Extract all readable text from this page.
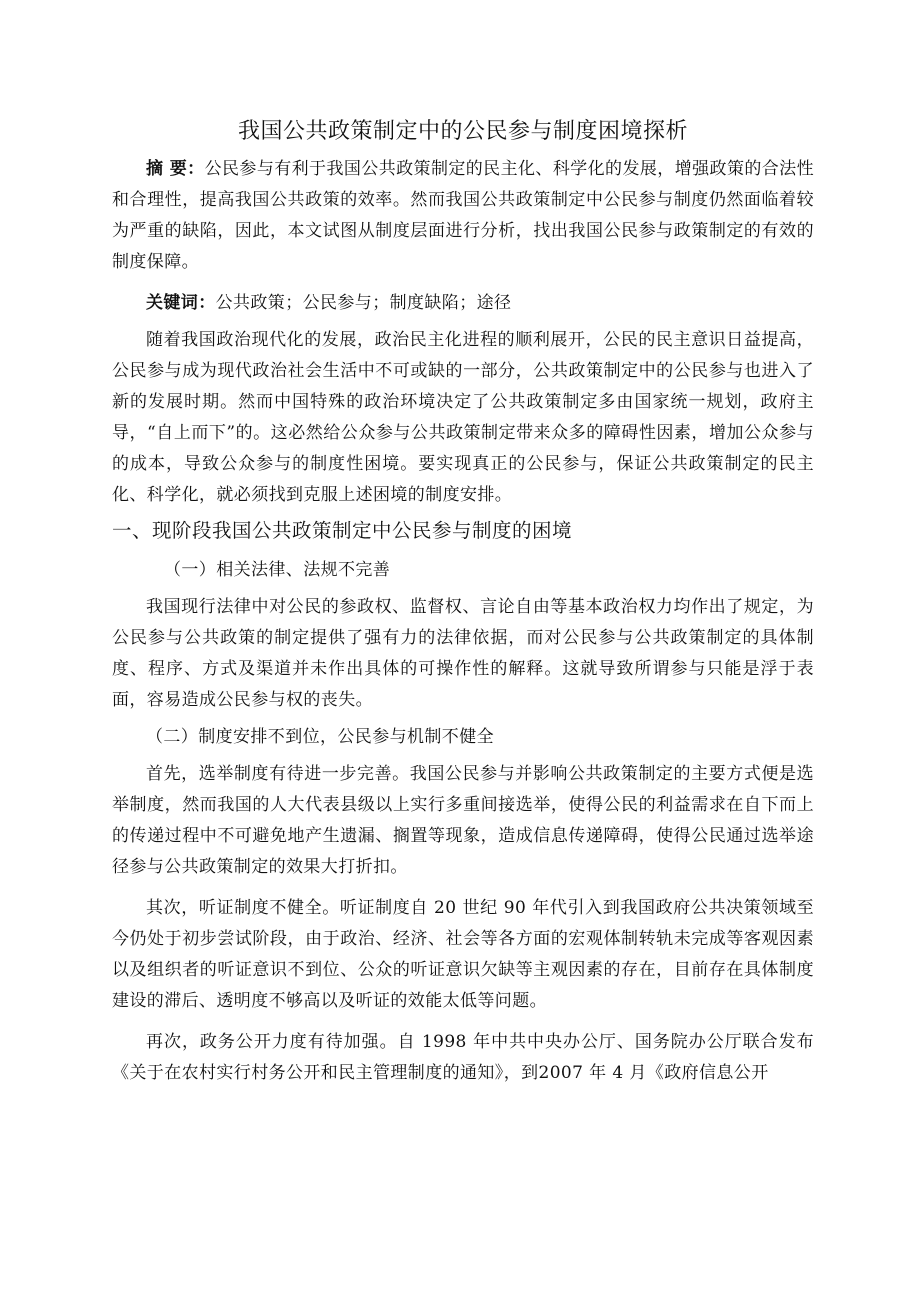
我国公共政策制定中的公民参与制度困境探析

摘 要：公民参与有利于我国公共政策制定的民主化、科学化的发展，增强政策的合法性和合理性，提高我国公共政策的效率。然而我国公共政策制定中公民参与制度仍然面临着较为严重的缺陷，因此，本文试图从制度层面进行分析，找出我国公民参与政策制定的有效的制度保障。

关键词：公共政策；公民参与；制度缺陷；途径

随着我国政治现代化的发展，政治民主化进程的顺利展开，公民的民主意识日益提高，公民参与成为现代政治社会生活中不可或缺的一部分，公共政策制定中的公民参与也进入了新的发展时期。然而中国特殊的政治环境决定了公共政策制定多由国家统一规划，政府主导，“自上而下”的。这必然给公众参与公共政策制定带来众多的障碍性因素，增加公众参与的成本，导致公众参与的制度性困境。要实现真正的公民参与，保证公共政策制定的民主化、科学化，就必须找到克服上述困境的制度安排。

一、现阶段我国公共政策制定中公民参与制度的困境
（一）相关法律、法规不完善

我国现行法律中对公民的参政权、监督权、言论自由等基本政治权力均作出了规定，为公民参与公共政策的制定提供了强有力的法律依据，而对公民参与公共政策制定的具体制度、程序、方式及渠道并未作出具体的可操作性的解释。这就导致所谓参与只能是浮于表面，容易造成公民参与权的丧失。

（二）制度安排不到位，公民参与机制不健全

首先，选举制度有待进一步完善。我国公民参与并影响公共政策制定的主要方式便是选举制度，然而我国的人大代表县级以上实行多重间接选举，使得公民的利益需求在自下而上的传递过程中不可避免地产生遗漏、搁置等现象，造成信息传递障碍，使得公民通过选举途径参与公共政策制定的效果大打折扣。

其次，听证制度不健全。听证制度自 20 世纪 90 年代引入到我国政府公共决策领域至今仍处于初步尝试阶段，由于政治、经济、社会等各方面的宏观体制转轨未完成等客观因素以及组织者的听证意识不到位、公众的听证意识欠缺等主观因素的存在，目前存在具体制度建设的滞后、透明度不够高以及听证的效能太低等问题。

再次，政务公开力度有待加强。自 1998 年中共中央办公厅、国务院办公厅联合发布《关于在农村实行村务公开和民主管理制度的通知》，到2007 年 4 月《政府信息公开
